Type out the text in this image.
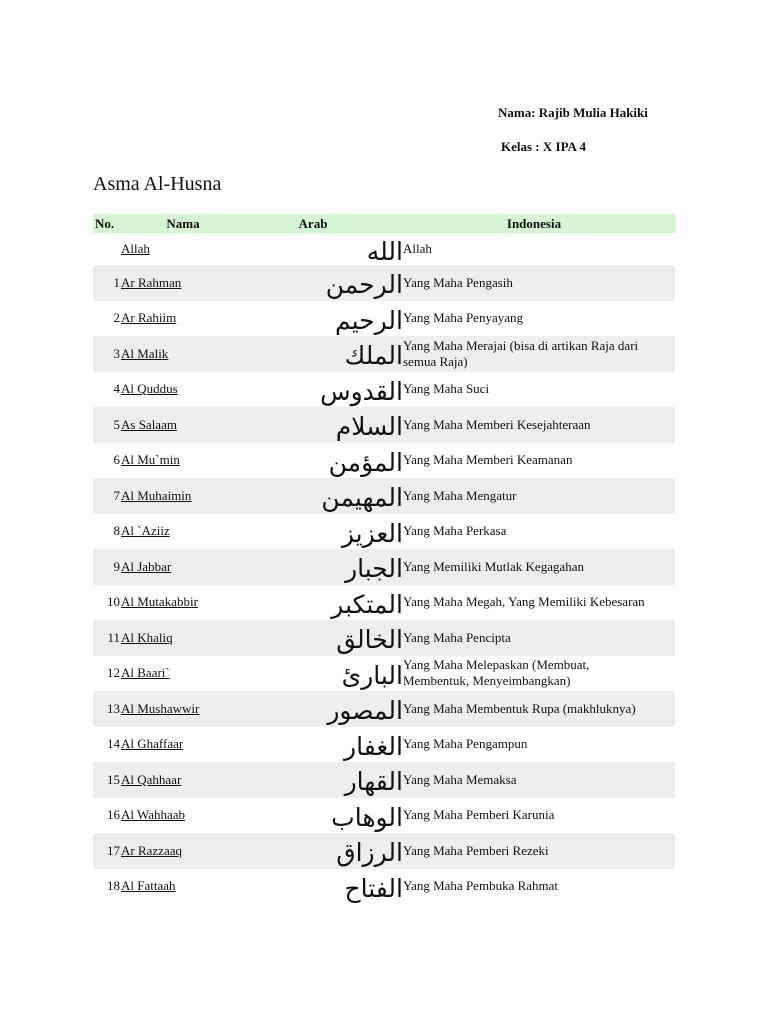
Nama: Rajib Mulia Hakiki
Kelas : X IPA 4
Asma Al-Husna
No.	Nama	Arab	Indonesia
Allah	الله Allah
1 Ar Rahman	الرحمن Yang Maha Pengasih
2 Ar Rahiim	الرحيم Yang Maha Penyayang
3 Al Malik	الملك Yang Maha Merajai (bisa di artikan Raja dari semua Raja)
4 Al Quddus	القدوس Yang Maha Suci
5 As Salaam	السلام Yang Maha Memberi Kesejahteraan
6 Al Mu`min	المؤمن Yang Maha Memberi Keamanan
7 Al Muhaimin	المهيمن Yang Maha Mengatur
8 Al `Aziiz	العزيز Yang Maha Perkasa
9 Al Jabbar	الجبار Yang Memiliki Mutlak Kegagahan
10 Al Mutakabbir	المتكبر Yang Maha Megah, Yang Memiliki Kebesaran
11 Al Khaliq	الخالق Yang Maha Pencipta
12 Al Baari`	البارئ Yang Maha Melepaskan (Membuat, Membentuk, Menyeimbangkan)
13 Al Mushawwir	المصور Yang Maha Membentuk Rupa (makhluknya)
14 Al Ghaffaar	الغفار Yang Maha Pengampun
15 Al Qahhaar	القهار Yang Maha Memaksa
16 Al Wahhaab	الوهاب Yang Maha Pemberi Karunia
17 Ar Razzaaq	الرزاق Yang Maha Pemberi Rezeki
18 Al Fattaah	الفتاح Yang Maha Pembuka Rahmat
